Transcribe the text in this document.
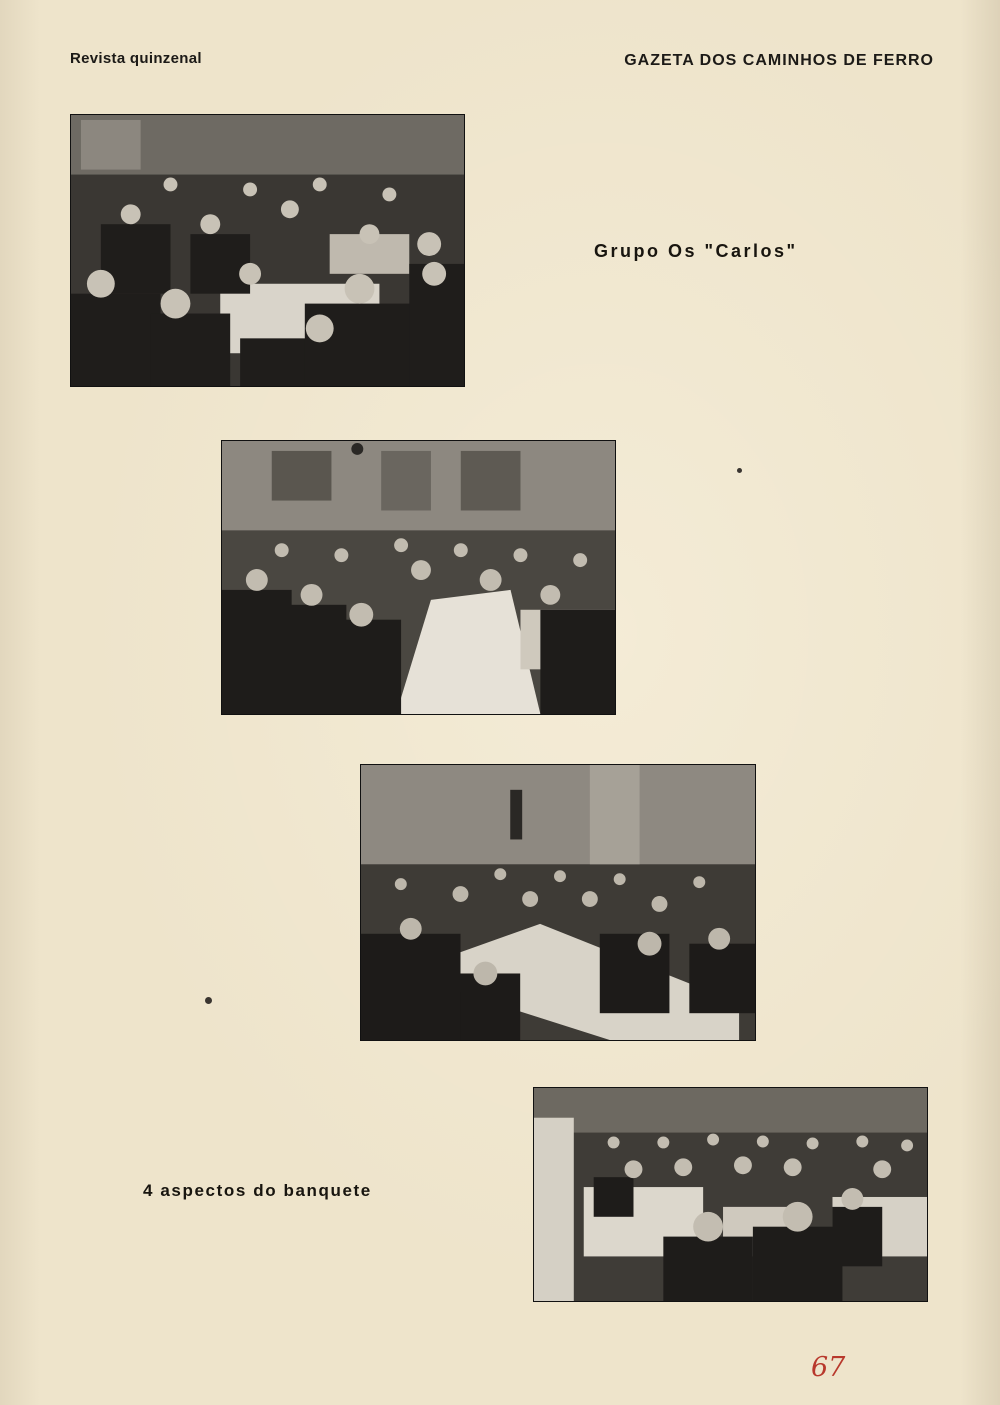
Revista quinzenal	GAZETA DOS CAMINHOS DE FERRO
Grupo Os "Carlos"
4 aspectos do banquete
67
